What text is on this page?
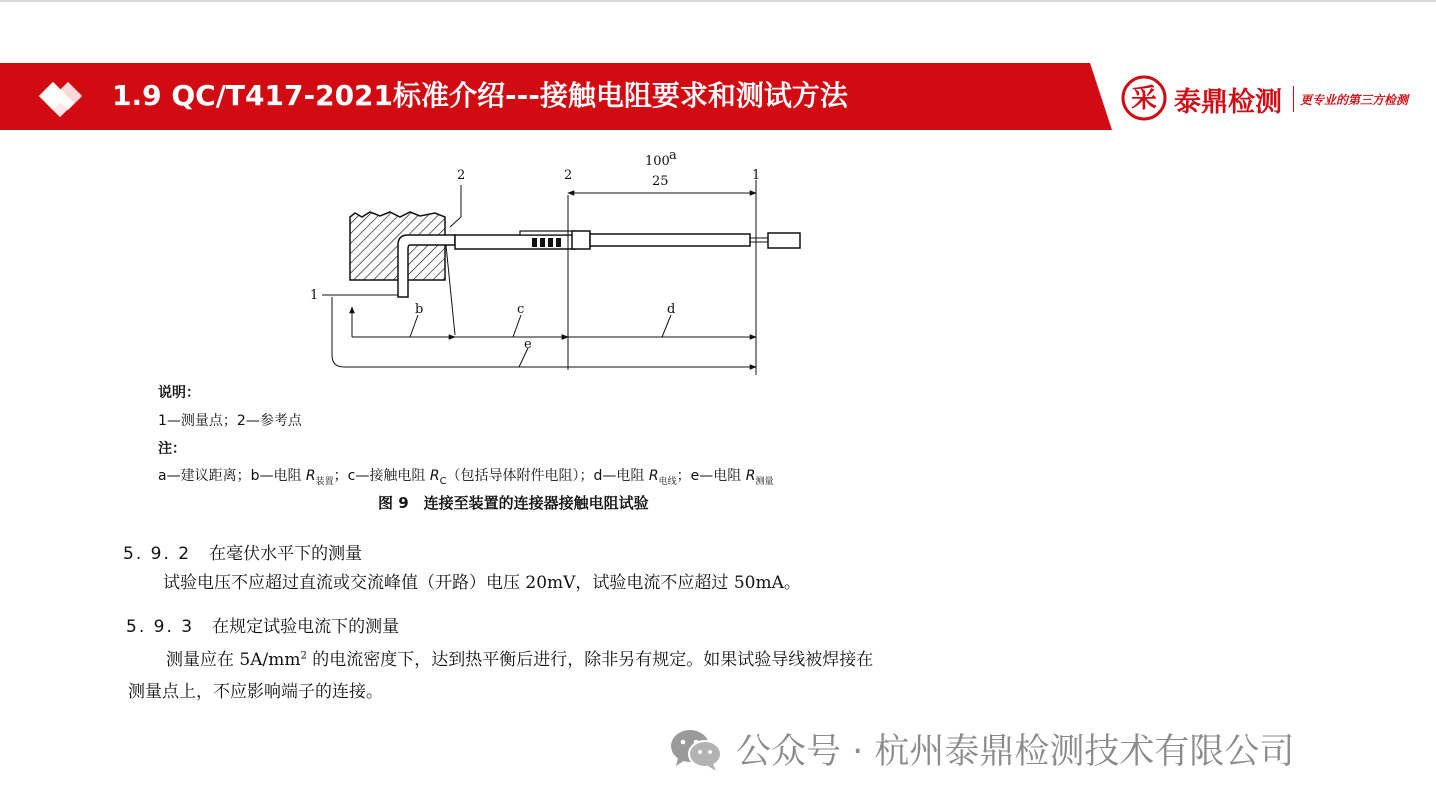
1.9 QC/T417-2021标准介绍---接触电阻要求和测试方法	采 泰鼎检测 更专业的第三方检测
2	2	1
100 a
25
1
b	c	d
e
说明：
1—测量点；2—参考点
注：
a—建议距离；b—电阻 $R_{装置}$；c—接触电阻 $R_C$（包括导体附件电阻）；d—电阻 $R_{电线}$；e—电阻 $R_{测量}$
图 9　连接至装置的连接器接触电阻试验
5. 9. 2 在毫伏水平下的测量
试验电压不应超过直流或交流峰值（开路）电压 20mV，试验电流不应超过 50mA。
5. 9. 3 在规定试验电流下的测量
测量应在 $5A/mm^2$ 的电流密度下，达到热平衡后进行，除非另有规定。如果试验导线被焊接在
测量点上，不应影响端子的连接。
公众号 · 杭州泰鼎检测技术有限公司
